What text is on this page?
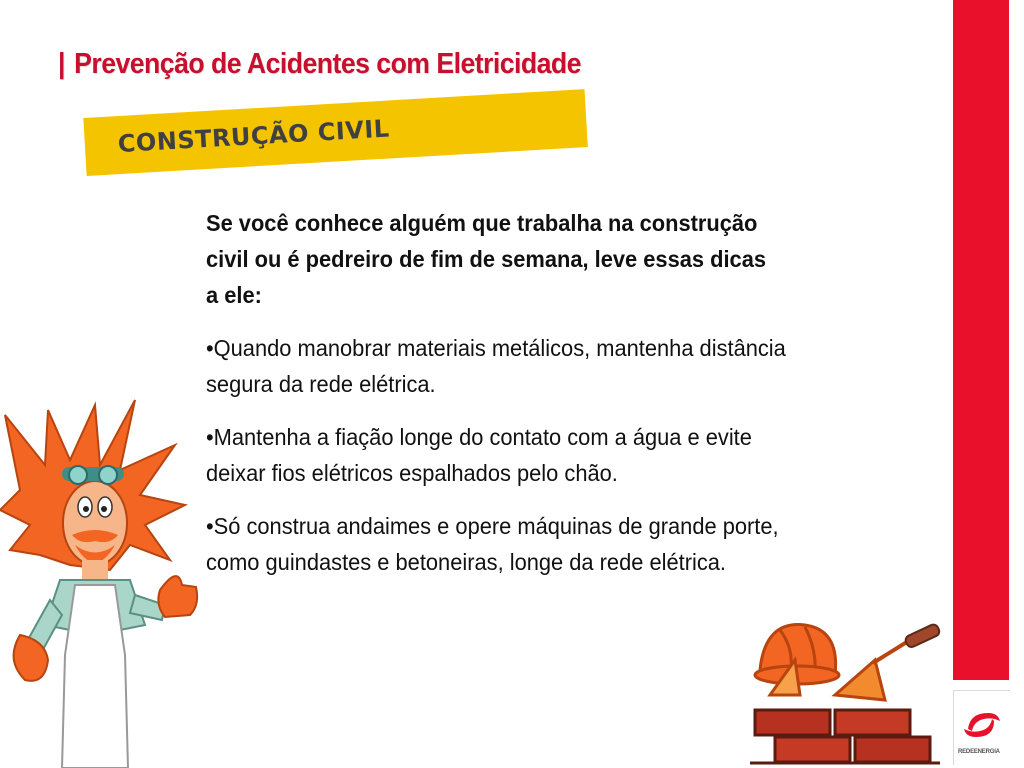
| Prevenção de Acidentes com Eletricidade
CONSTRUÇÃO CIVIL

Se você conhece alguém que trabalha na construção civil ou é pedreiro de fim de semana, leve essas dicas a ele:

•Quando manobrar materiais metálicos, mantenha distância segura da rede elétrica.

•Mantenha a fiação longe do contato com a água e evite deixar fios elétricos espalhados pelo chão.

•Só construa andaimes e opere máquinas de grande porte, como guindastes e betoneiras, longe da rede elétrica.

REDEENERGIA
